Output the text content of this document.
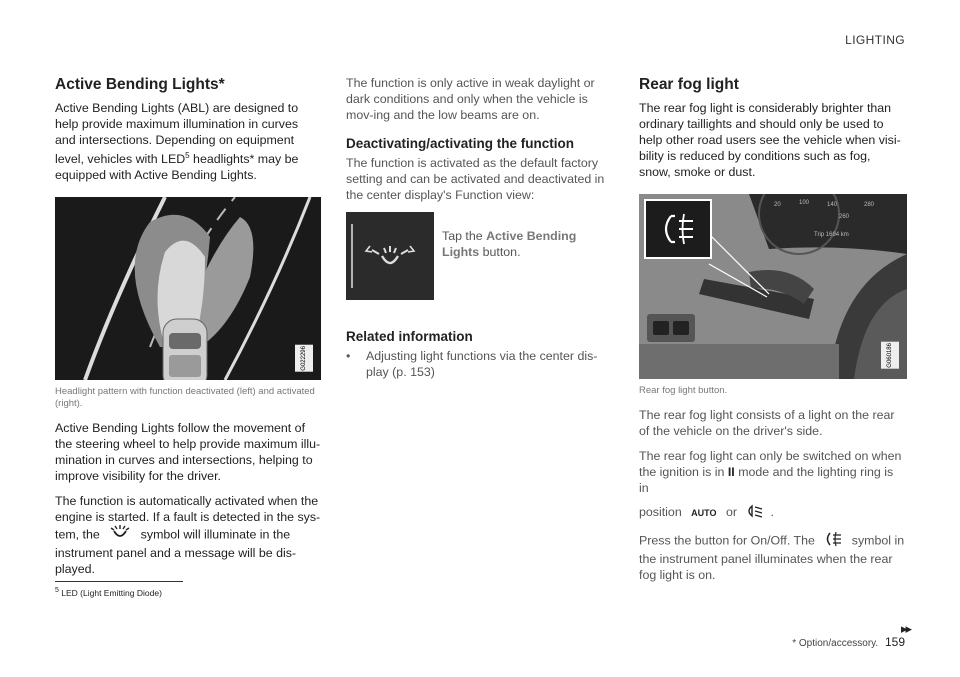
LIGHTING
Active Bending Lights*

Active Bending Lights (ABL) are designed to help provide maximum illumination in curves and intersections. Depending on equipment level, vehicles with LED$^5$ headlights* may be equipped with Active Bending Lights.

G022296
Headlight pattern with function deactivated (left) and activated (right).

Active Bending Lights follow the movement of the steering wheel to help provide maximum illu-mination in curves and intersections, helping to improve visibility for the driver.

The function is automatically activated when the engine is started. If a fault is detected in the sys-tem, the	symbol will illuminate in the instrument panel and a message will be dis-played.

The function is only active in weak daylight or dark conditions and only when the vehicle is mov-ing and the low beams are on.

Deactivating/activating the function

The function is activated as the default factory setting and can be activated and deactivated in the center display's Function view:

Tap the Active Bending Lights button.
Related information
•	Adjusting light functions via the center dis-play (p. 153)
Rear fog light

The rear fog light is considerably brighter than ordinary taillights and should only be used to help other road users see the vehicle when visi-bility is reduced by conditions such as fog, snow, smoke or dust.

20	100	140
260
280
Trip 1694 km
G060186
Rear fog light button.

The rear fog light consists of a light on the rear of the vehicle on the driver's side.

The rear fog light can only be switched on when the ignition is in II mode and the lighting ring is in
position AUTO or	.

Press the button for On/Off. The	symbol in the instrument panel illuminates when the rear fog light is on.

$^5$ LED (Light Emitting Diode)
▸▸
* Option/accessory. 159
